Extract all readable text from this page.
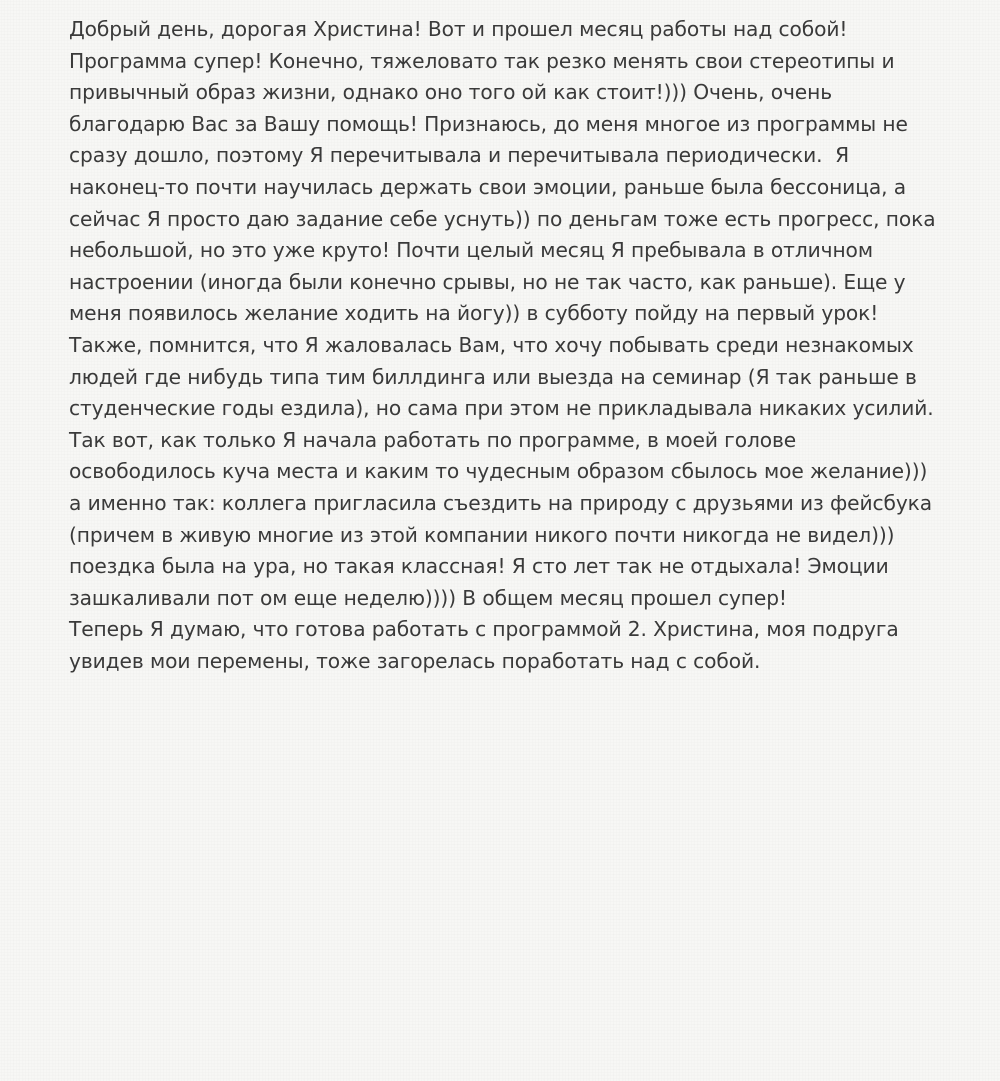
Добрый день, дорогая Христина! Вот и прошел месяц работы над собой!
Программа супер! Конечно, тяжеловато так резко менять свои стереотипы и
привычный образ жизни, однако оно того ой как стоит!))) Очень, очень
благодарю Вас за Вашу помощь! Признаюсь, до меня многое из программы не
сразу дошло, поэтому Я перечитывала и перечитывала периодически.  Я
наконец-то почти научилась держать свои эмоции, раньше была бессоница, а
сейчас Я просто даю задание себе уснуть)) по деньгам тоже есть прогресс, пока
небольшой, но это уже круто! Почти целый месяц Я пребывала в отличном
настроении (иногда были конечно срывы, но не так часто, как раньше). Еще у
меня появилось желание ходить на йогу)) в субботу пойду на первый урок!
Также, помнится, что Я жаловалась Вам, что хочу побывать среди незнакомых
людей где нибудь типа тим биллдинга или выезда на семинар (Я так раньше в
студенческие годы ездила), но сама при этом не прикладывала никаких усилий.
Так вот, как только Я начала работать по программе, в моей голове
освободилось куча места и каким то чудесным образом сбылось мое желание)))
а именно так: коллега пригласила съездить на природу с друзьями из фейсбука
(причем в живую многие из этой компании никого почти никогда не видел)))
поездка была на ура, но такая классная! Я сто лет так не отдыхала! Эмоции
зашкаливали пот ом еще неделю)))) В общем месяц прошел супер!
Теперь Я думаю, что готова работать с программой 2. Христина, моя подруга
увидев мои перемены, тоже загорелась поработать над с собой.
